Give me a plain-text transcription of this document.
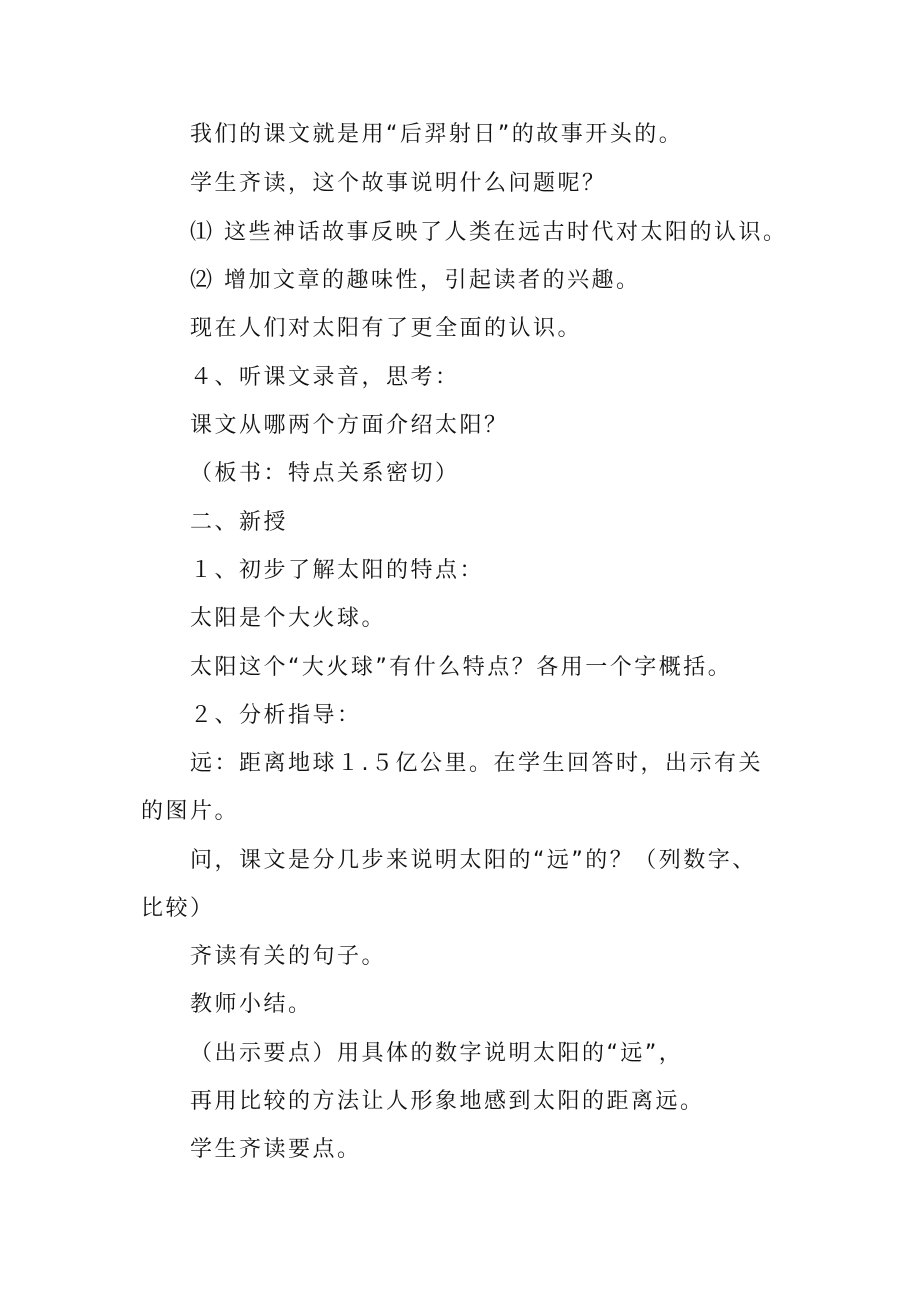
我们的课文就是用“后羿射日”的故事开头的。
学生齐读，这个故事说明什么问题呢？
⑴ 这些神话故事反映了人类在远古时代对太阳的认识。
⑵ 增加文章的趣味性，引起读者的兴趣。
现在人们对太阳有了更全面的认识。
４、听课文录音，思考：
课文从哪两个方面介绍太阳？
（板书：特点关系密切）
二、新授
１、初步了解太阳的特点：
太阳是个大火球。
太阳这个“大火球”有什么特点？各用一个字概括。
２、分析指导：
远：距离地球１.５亿公里。在学生回答时，出示有关
的图片。
问，课文是分几步来说明太阳的“远”的？（列数字、
比较）
齐读有关的句子。
教师小结。
（出示要点）用具体的数字说明太阳的“远”，
再用比较的方法让人形象地感到太阳的距离远。
学生齐读要点。
